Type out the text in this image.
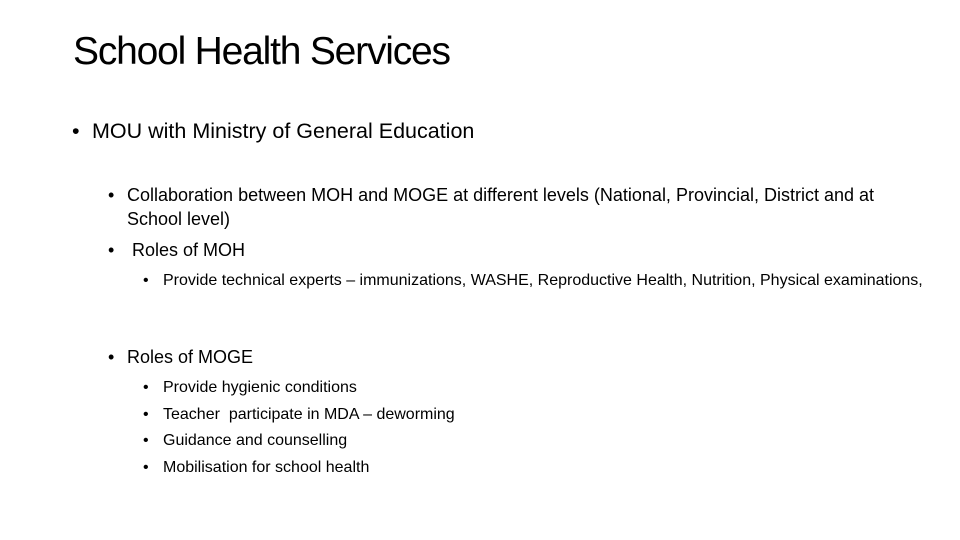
School Health Services
• MOU with Ministry of General Education
• Collaboration between MOH and MOGE at different levels (National, Provincial, District and at School level)
• Roles of MOH
• Provide technical experts – immunizations, WASHE, Reproductive Health, Nutrition, Physical examinations,
• Roles of MOGE
• Provide hygienic conditions
• Teacher  participate in MDA – deworming
• Guidance and counselling
• Mobilisation for school health
